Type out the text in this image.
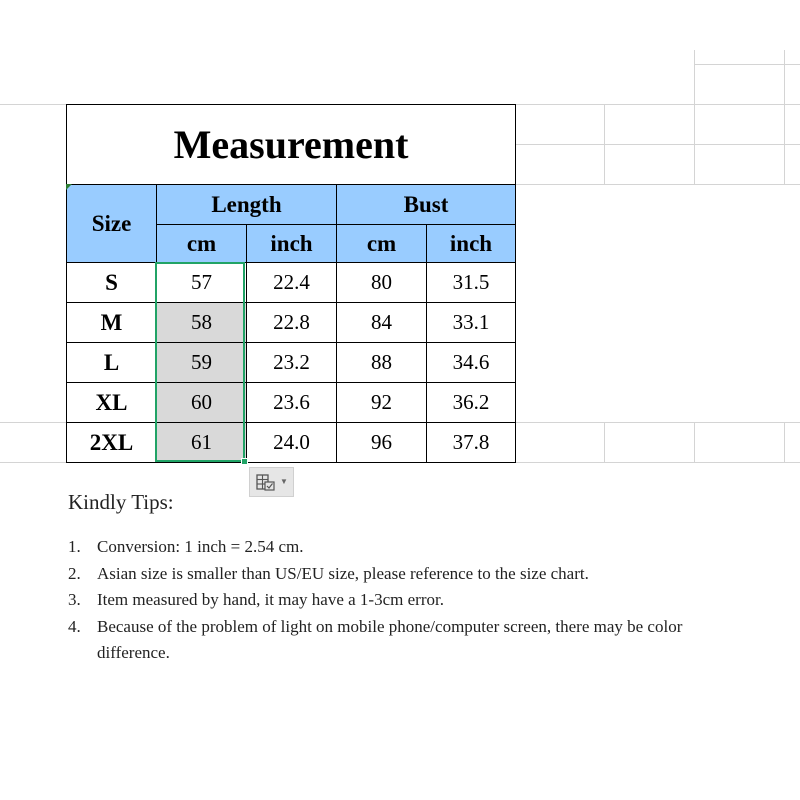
Measurement				
Size	Length		Bust	
	cm	inch	cm	inch
S	57	22.4	80	31.5
M	58	22.8	84	33.1
L	59	23.2	88	34.6
XL	60	23.6	92	36.2
2XL	61	24.0	96	37.8
▼
Kindly Tips:
1. Conversion: 1 inch = 2.54 cm.
2. Asian size is smaller than US/EU size, please reference to the size chart.
3. Item measured by hand, it may have a 1-3cm error.
4. Because of the problem of light on mobile phone/computer screen, there may be color difference.
